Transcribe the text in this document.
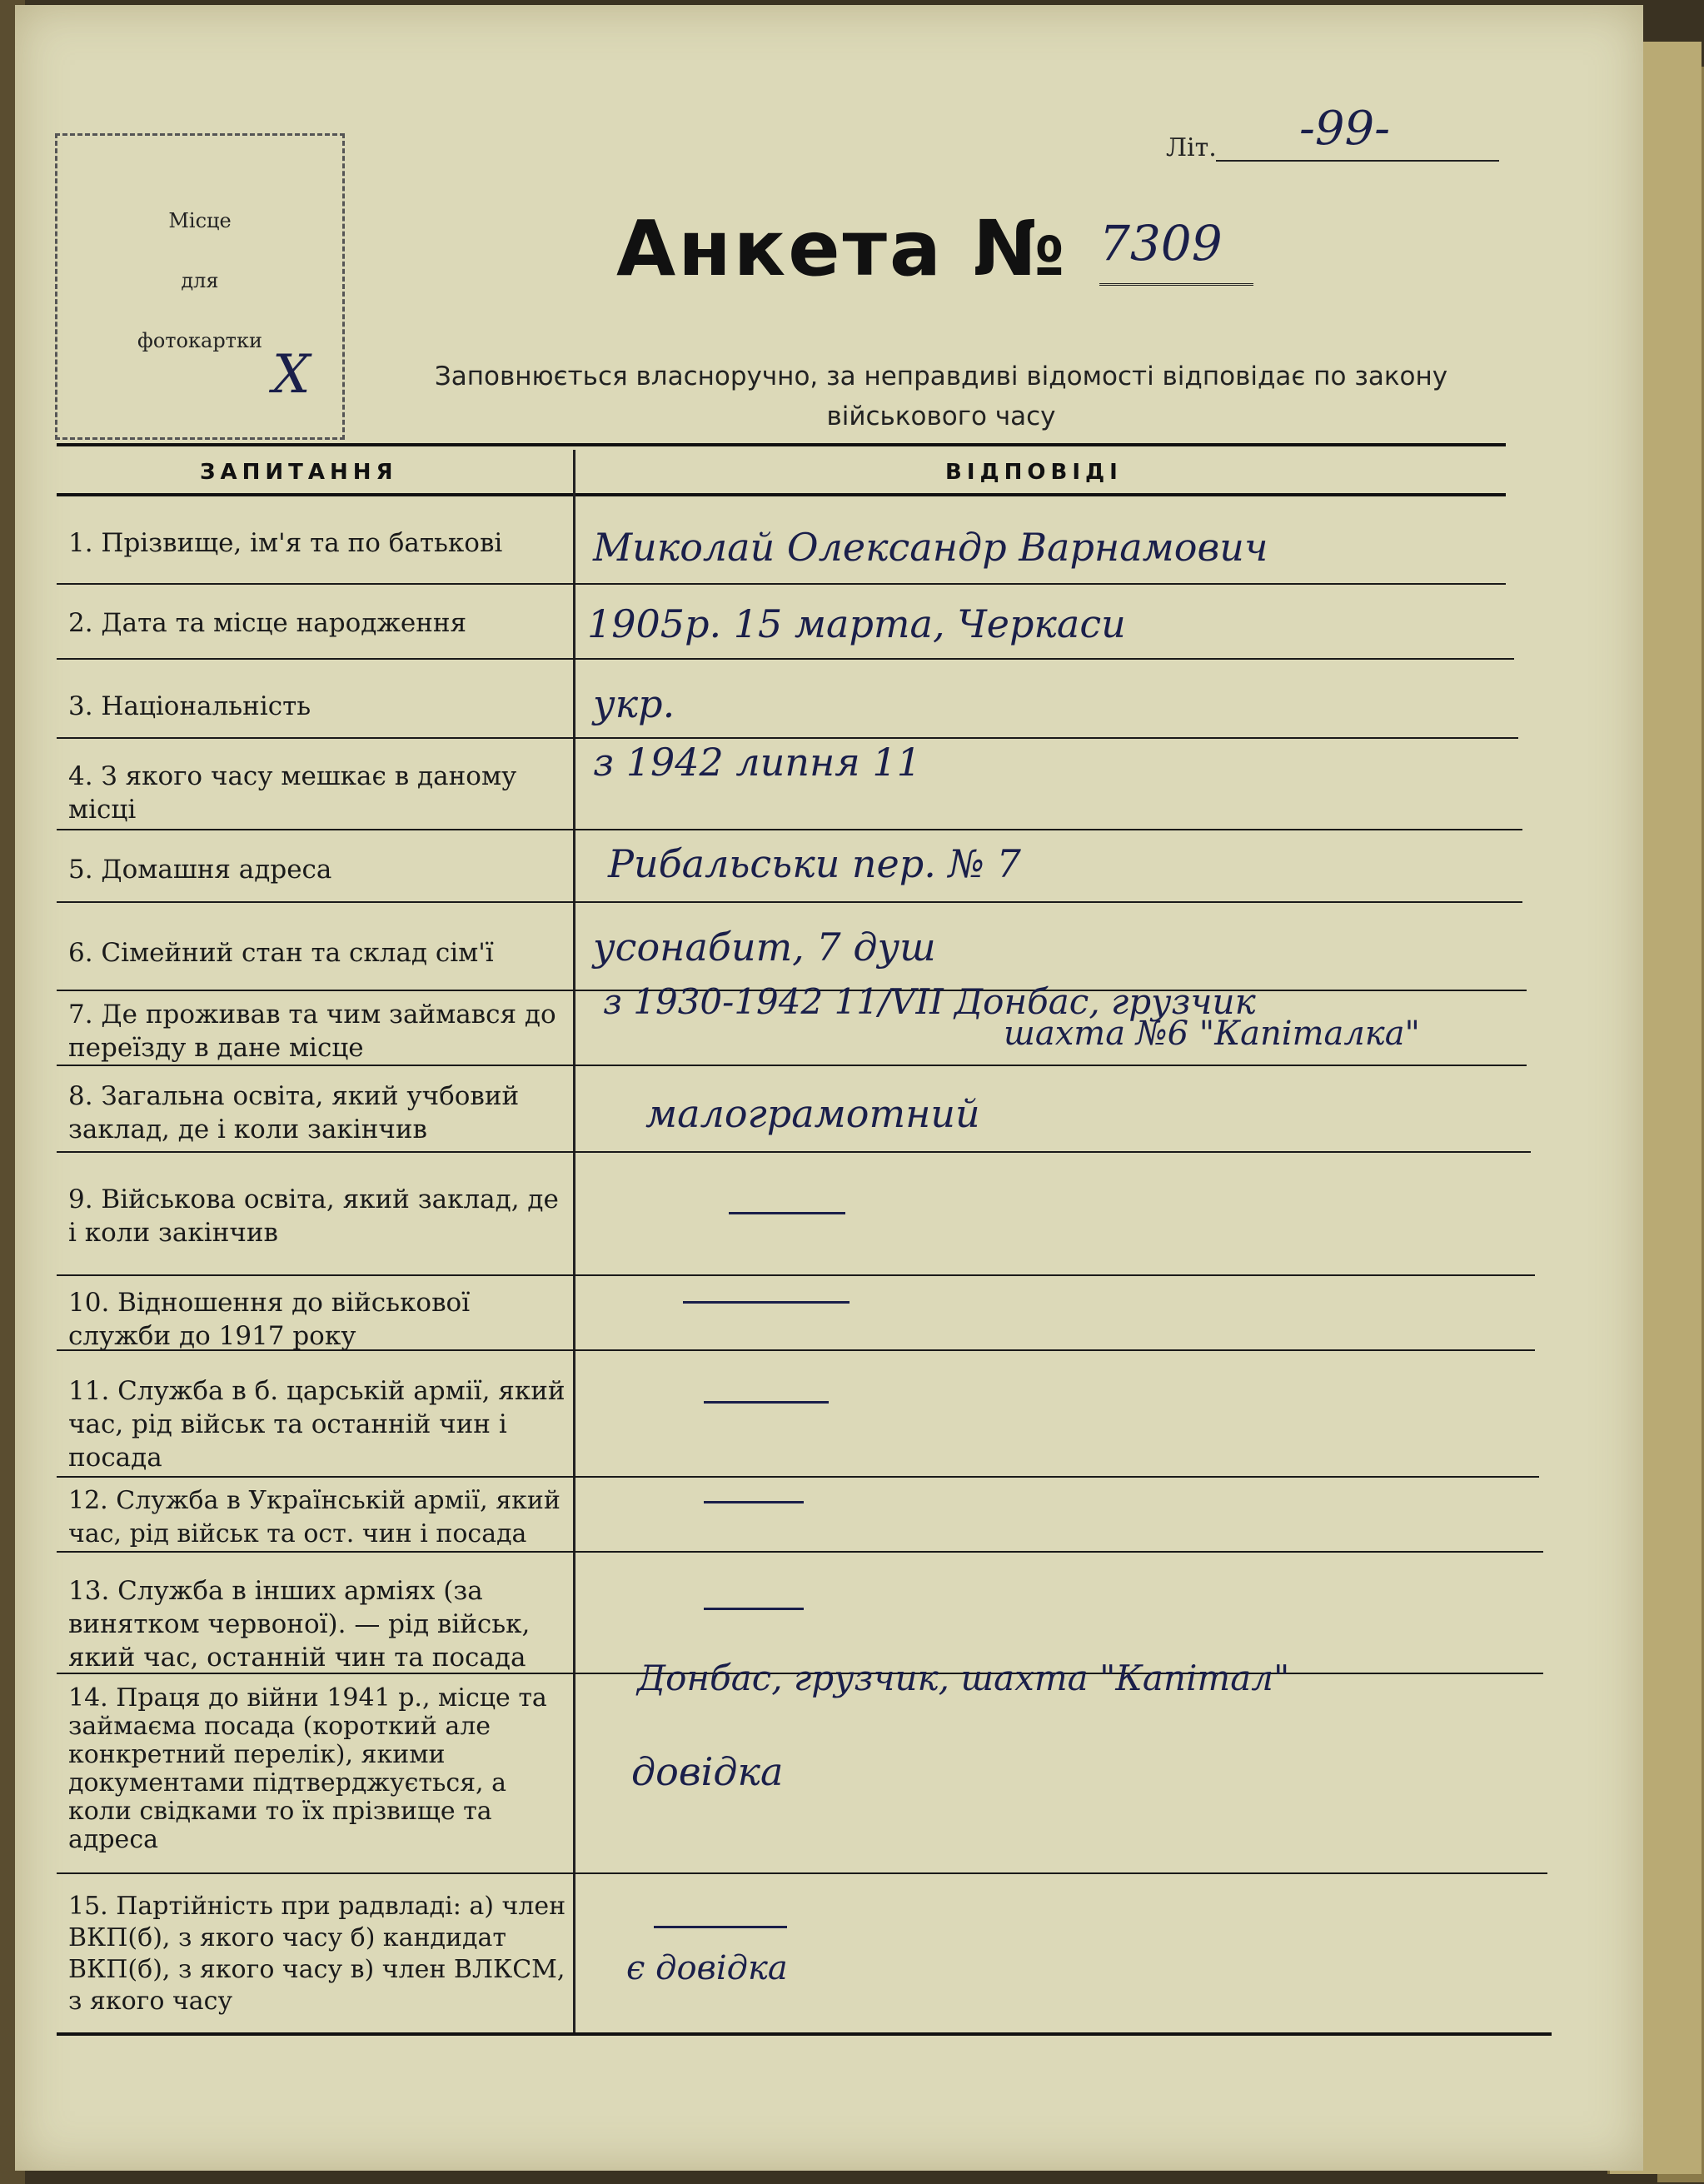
Місце
для
фотокартки
X
Літ. -99-
Анкета № 7309
Заповнюється власноручно, за неправдиві відомості відповідає по закону військового часу
ЗАПИТАННЯ	ВІДПОВІДІ
1. Прізвище, ім'я та по батькові
2. Дата та місце народження
3. Національність
4. З якого часу мешкає в даному місці
5. Домашня адреса
6. Сімейний стан та склад сім'ї
7. Де проживав та чим займався до переїзду в дане місце
8. Загальна освіта, який учбовий заклад, де і коли закінчив
9. Військова освіта, який заклад, де і коли закінчив
10. Відношення до військової служби до 1917 року
11. Служба в б. царській армії, який час, рід військ та останній чин і посада
12. Служба в Українській армії, який час, рід військ та ост. чин і посада
13. Служба в інших арміях (за винятком червоної). — рід військ, який час, останній чин та посада
14. Праця до війни 1941 р., місце та займаєма посада (короткий але конкретний перелік), якими документами підтверджується, а коли свідками то їх прізвище та адреса
15. Партійність при радвладі: а) член ВКП(б), з якого часу б) кандидат ВКП(б), з якого часу в) член ВЛКСМ, з якого часу
Миколай Олександр Варнамович
1905р. 15 марта, Черкаси
укр.
з 1942 липня 11
Рибальськи пер. № 7
усонабит, 7 душ
з 1930-1942 11/VII Донбас, грузчик
шахта №6 "Капіталка"
малограмотний
Донбас, грузчик, шахта "Капітал"
довідка
є довідка
